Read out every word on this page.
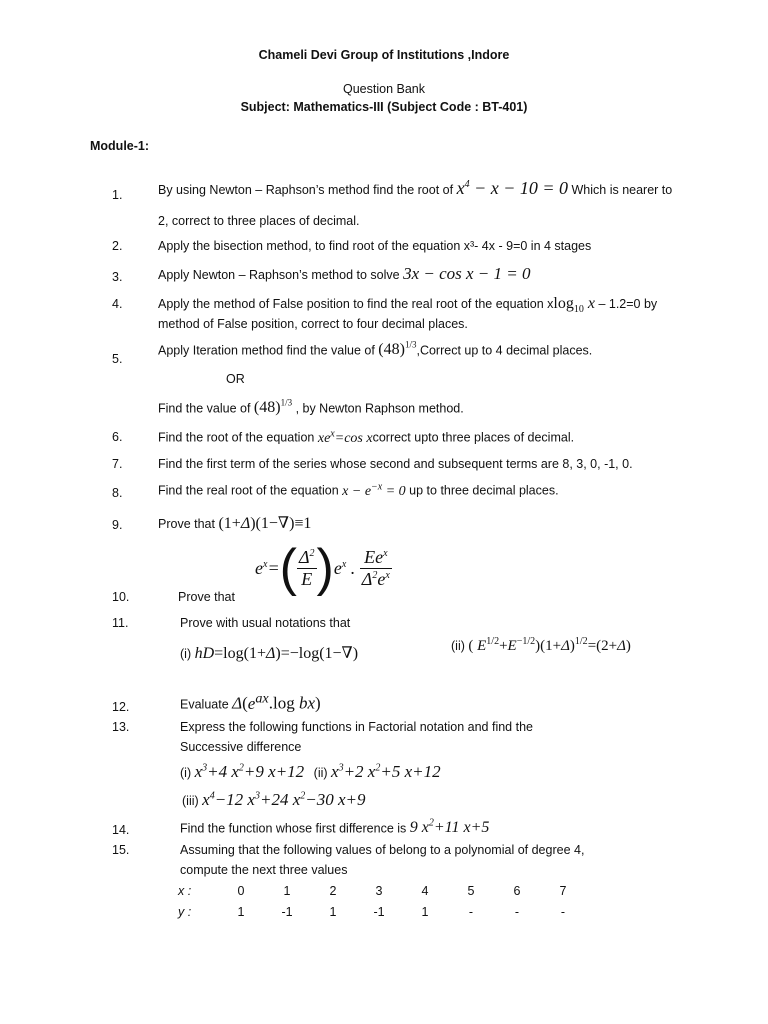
Chameli Devi Group of Institutions ,Indore
Question Bank
Subject: Mathematics-III (Subject Code : BT-401)
Module-1:
1.	By using Newton – Raphson’s method find the root of $x^4 - x - 10 = 0$ Which is nearer to
2, correct to three places of decimal.
2.	Apply the bisection method, to find root of the equation x³- 4x - 9=0 in 4 stages
3.	Apply Newton – Raphson’s method to solve 3x − cos x − 1 = 0
4.	Apply the method of False position to find the real root of the equation xlog$_{10}$ x – 1.2=0 by
method of False position, correct to four decimal places.
5.
Apply Iteration method find the value of $(48)^{1/3},Correct$ up to 4 decimal places.
OR
Find the value of $(48)^{1/3}$ , by Newton Raphson method.
6.	Find the root of the equation $xe^x=\cos$ xcorrect upto three places of decimal.
7.	Find the first term of the series whose second and subsequent terms are 8, 3, 0, -1, 0.
8.	Find the real root of the equation $x - e^{-x} = 0$ up to three decimal places.
9.	Prove that (1+Δ)(1−∇)≡1
10.
$e^x=( \frac{\Delta^2}{E} )e^x$ . $\frac{Ee^x}{\Delta^2e^x}$
Prove that
11.	Prove with usual notations that
(i) hD=log(1+Δ)=−log(1−∇)	(ii) ( $E^{1/2}+E^{-1/2})(1+\Delta)^{1/2}=(2+\Delta)$
12.	Evaluate $\Delta(e^{ax}.\log$ bx)
13.	Express the following functions in Factorial notation and find the
Successive difference
(i) $x^3+4$ $x^2+9$ x+12 (ii) $x^3+2$ $x^2+5$ x+12
(iii) $x^4-12$ $x^3+24$ $x^2-30$ x+9
14.	Find the function whose first difference is 9 $x^2+11$ x+5
15.	Assuming that the following values of belong to a polynomial of degree 4,
compute the next three values
x :	0	1	2	3	4	5	6	7
y :	1	-1	1	-1	1	-	-	-
